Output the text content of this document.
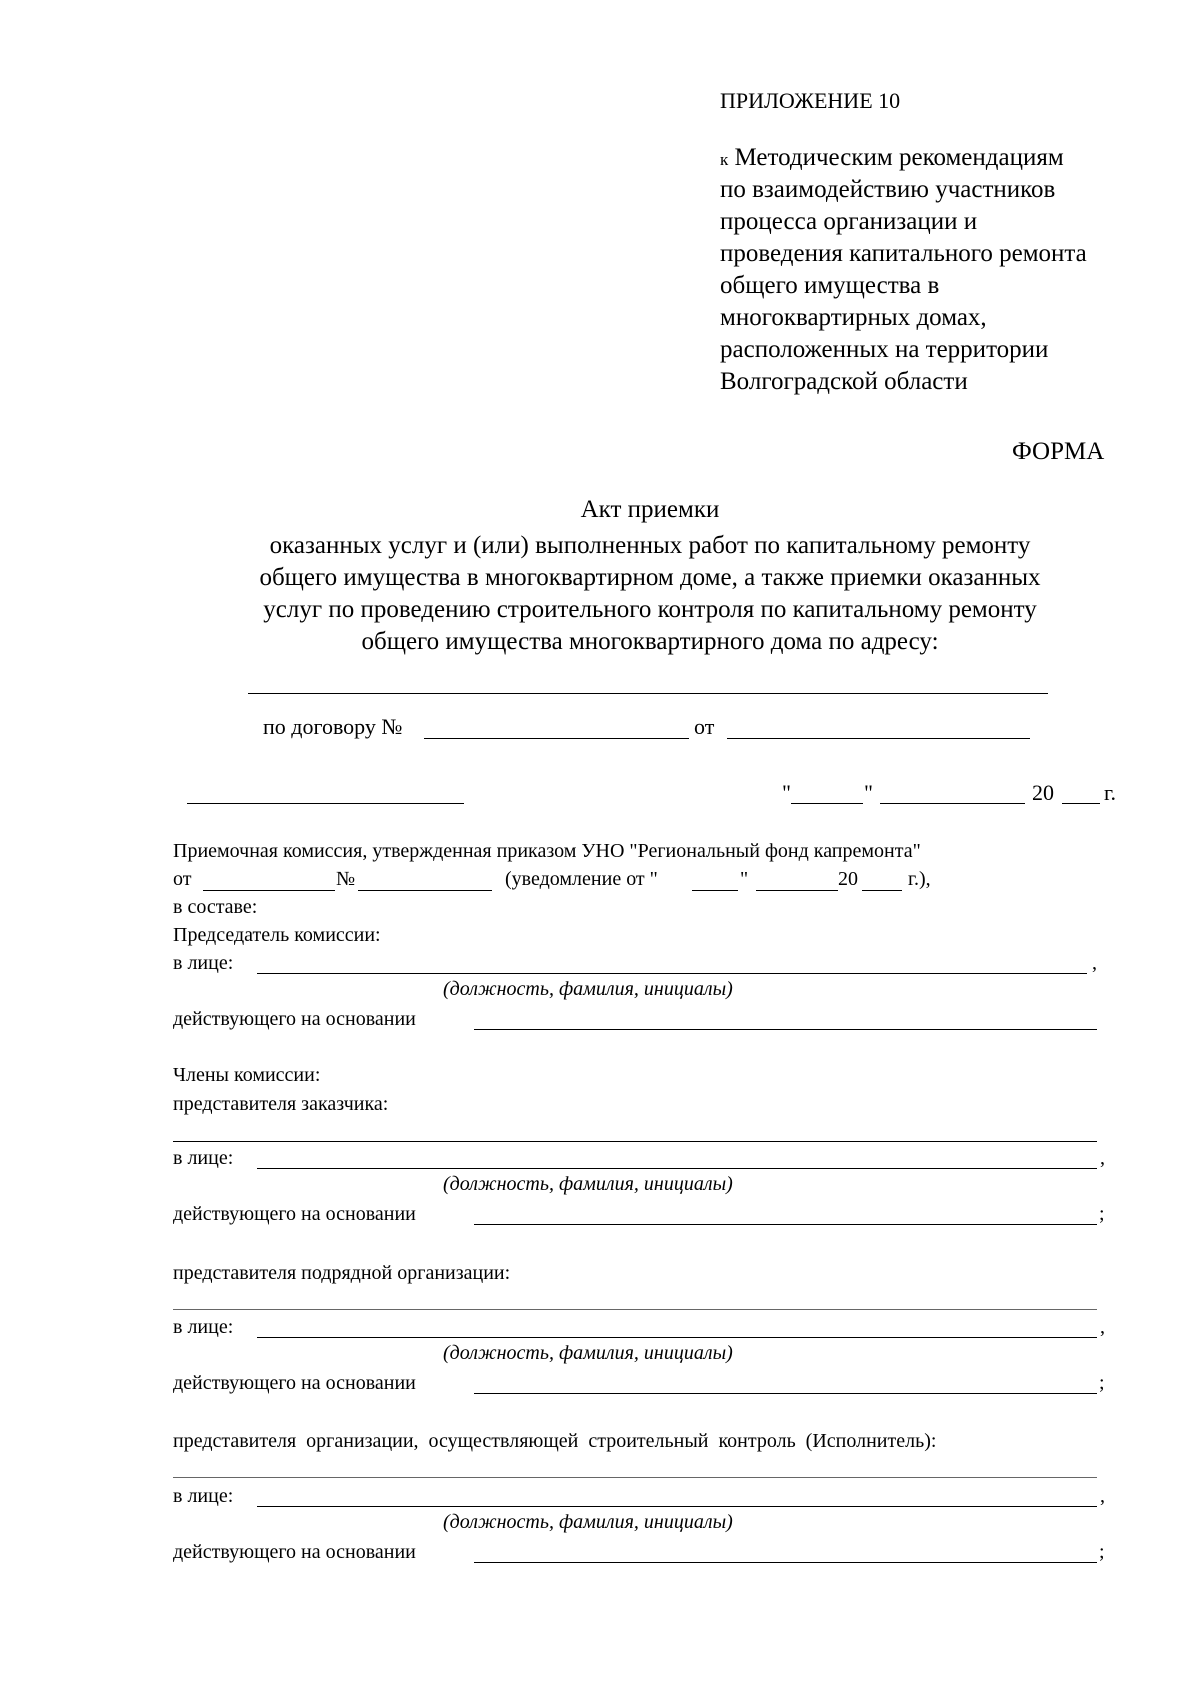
ПРИЛОЖЕНИЕ 10
к Методическим рекомендациям
по взаимодействию участников
процесса организации и
проведения капитального ремонта
общего имущества в
многоквартирных домах,
расположенных на территории
Волгоградской области
ФОРМА
Акт приемки
оказанных услуг и (или) выполненных работ по капитальному ремонту
общего имущества в многоквартирном доме, а также приемки оказанных
услуг по проведению строительного контроля по капитальному ремонту
общего имущества многоквартирного дома по адресу:
по договору №	от
"	"	20 г.
Приемочная комиссия, утвержденная приказом УНО "Региональный фонд капремонта"
от	№	(уведомление от "	"	20	г.),
в составе:
Председатель комиссии:
в лице:	,
(должность, фамилия, инициалы)
действующего на основании
Члены комиссии:
представителя заказчика:
в лице:	,
(должность, фамилия, инициалы)
действующего на основании	;
представителя подрядной организации:
в лице:	,
(должность, фамилия, инициалы)
действующего на основании	;
представителя  организации,  осуществляющей  строительный  контроль  (Исполнитель):
в лице:	,
(должность, фамилия, инициалы)
действующего на основании	;
